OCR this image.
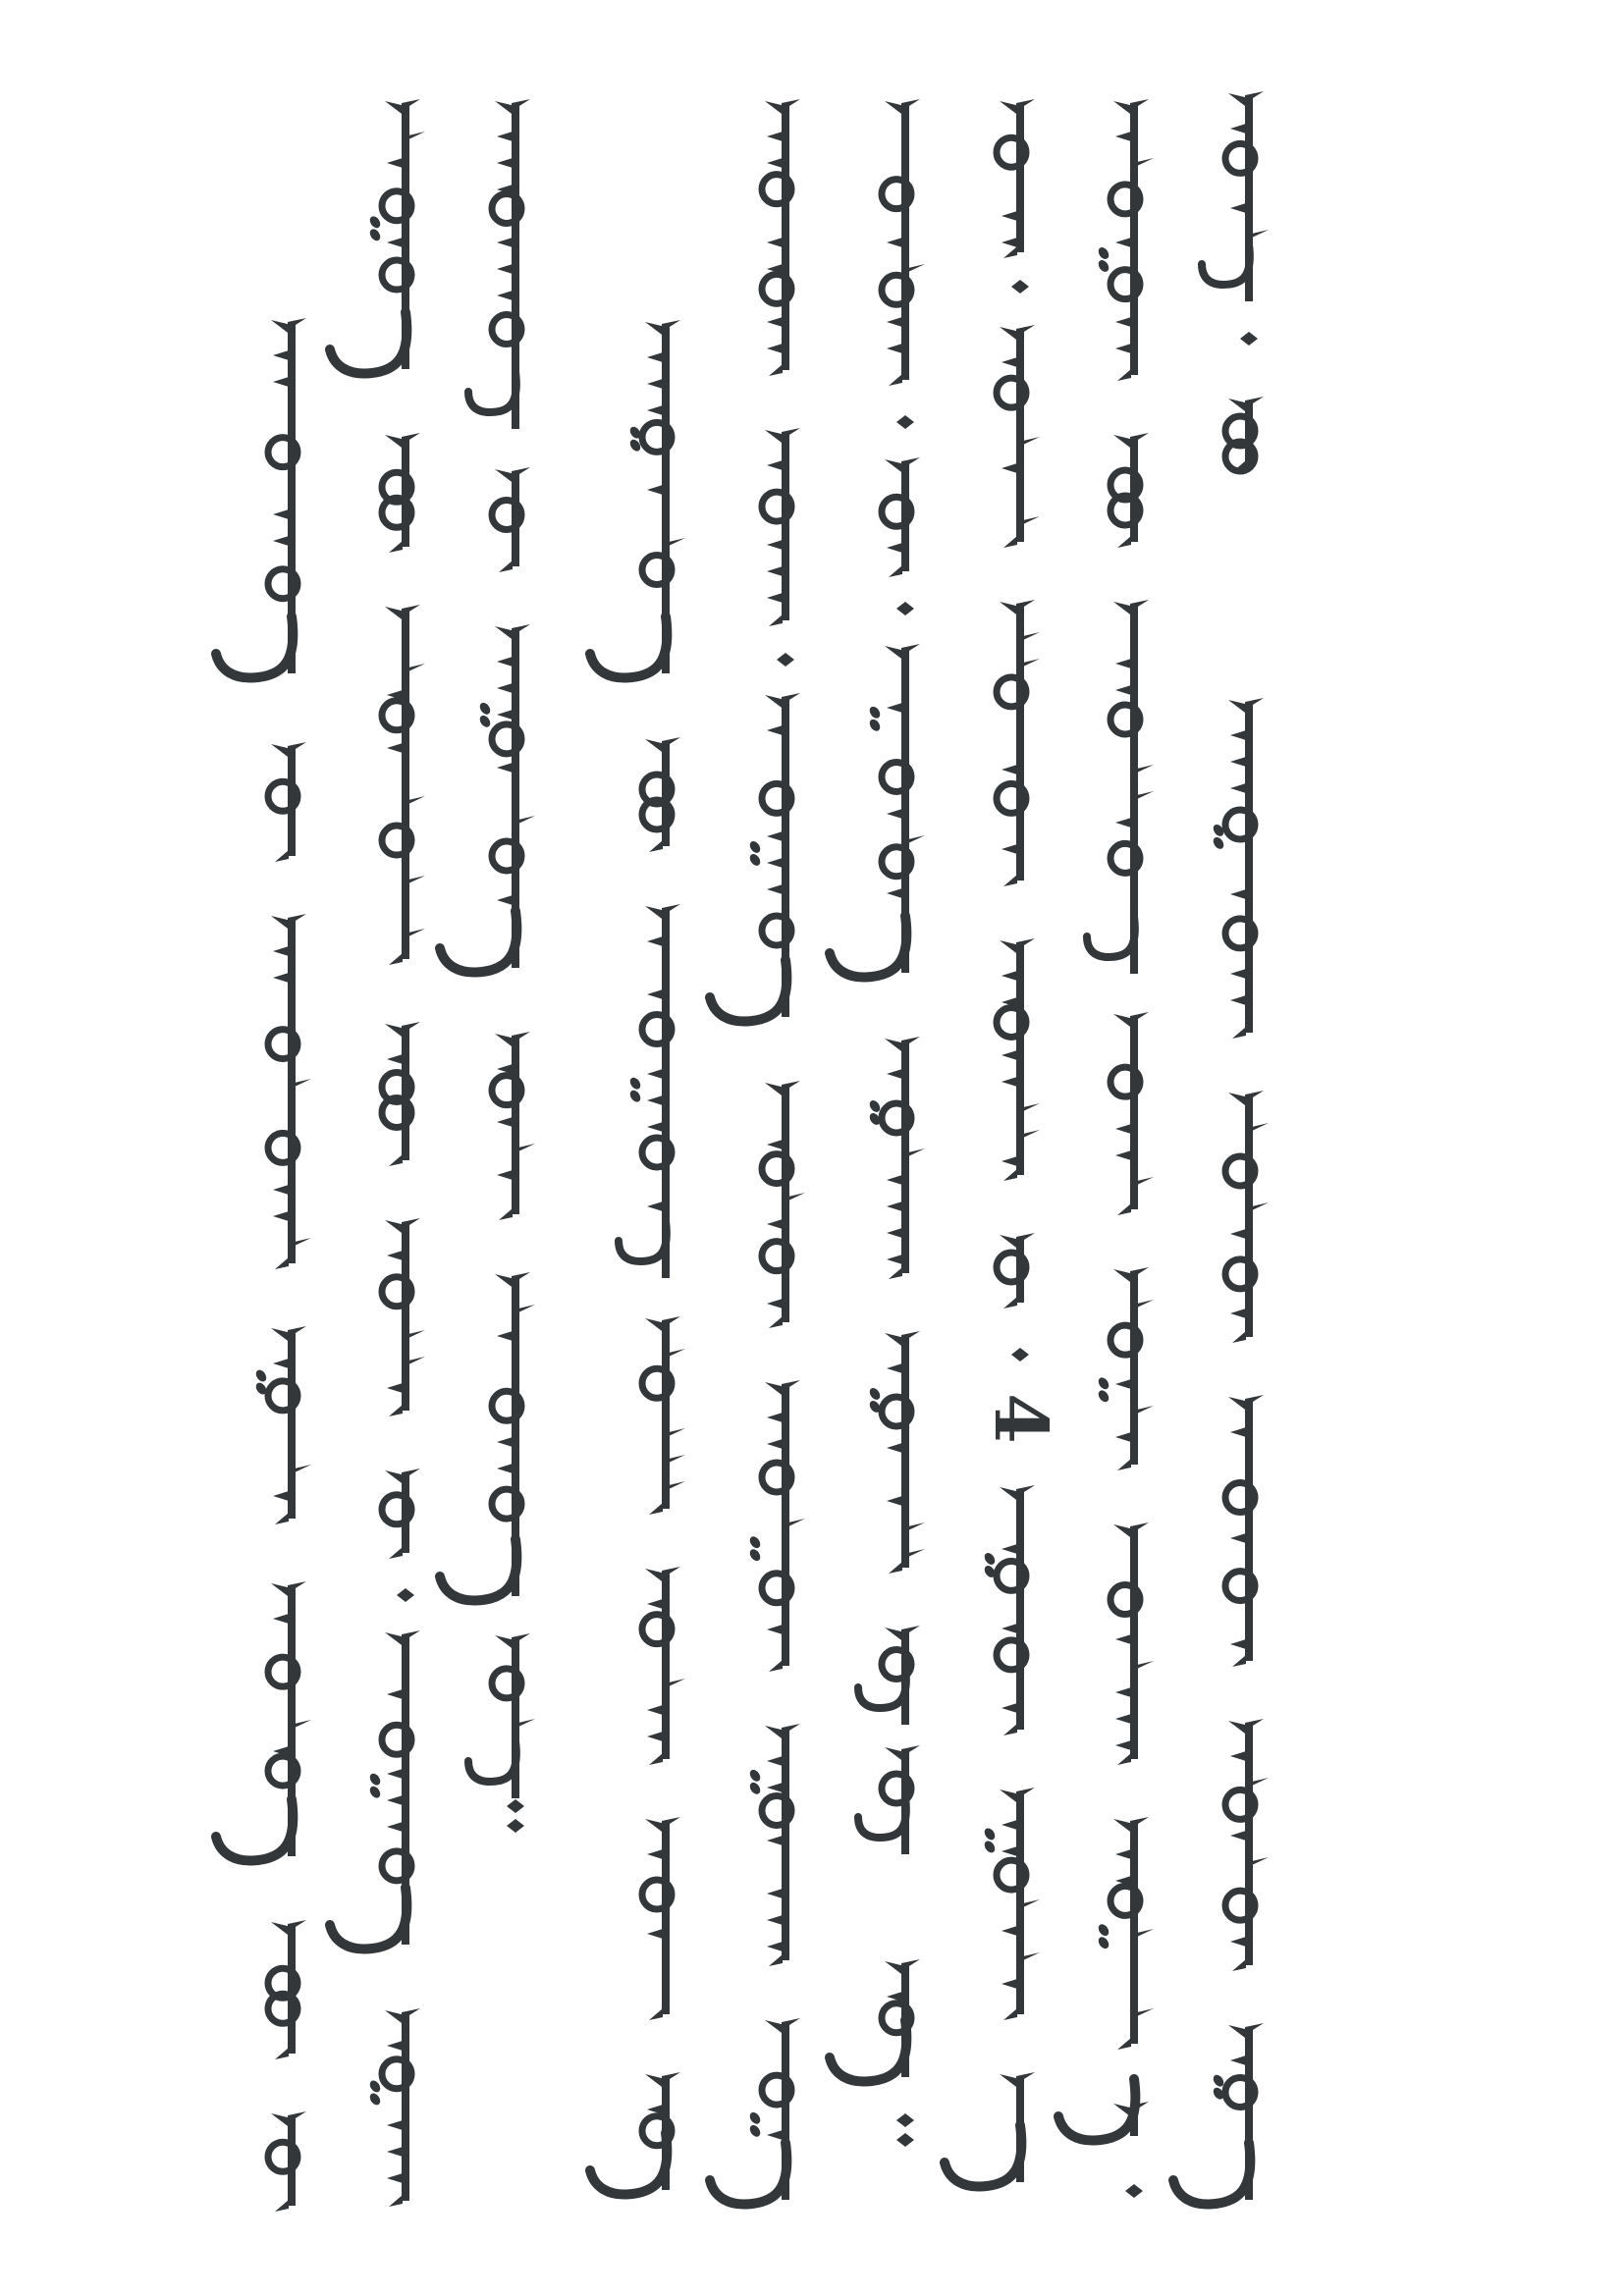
4
